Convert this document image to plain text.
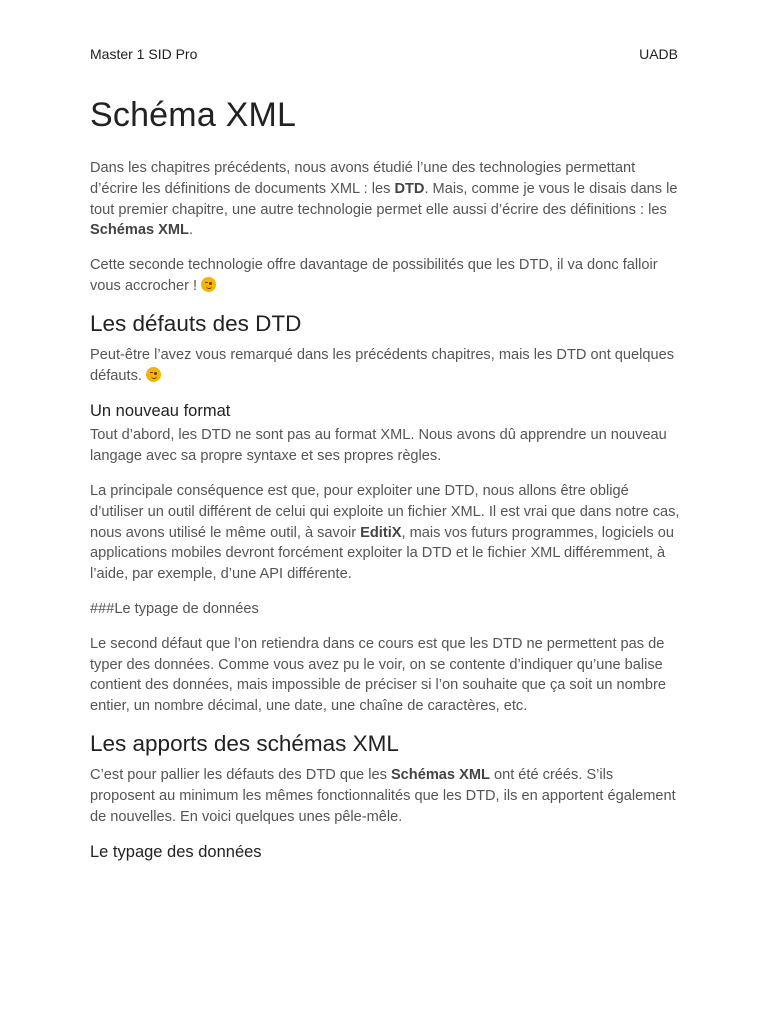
Master 1 SID Pro	UADB
Schéma XML

Dans les chapitres précédents, nous avons étudié l’une des technologies permettant d’écrire les définitions de documents XML : les DTD. Mais, comme je vous le disais dans le tout premier chapitre, une autre technologie permet elle aussi d’écrire des définitions : les Schémas XML.

Cette seconde technologie offre davantage de possibilités que les DTD, il va donc falloir vous accrocher !

Les défauts des DTD

Peut-être l’avez vous remarqué dans les précédents chapitres, mais les DTD ont quelques défauts.

Un nouveau format

Tout d’abord, les DTD ne sont pas au format XML. Nous avons dû apprendre un nouveau langage avec sa propre syntaxe et ses propres règles.

La principale conséquence est que, pour exploiter une DTD, nous allons être obligé d’utiliser un outil différent de celui qui exploite un fichier XML. Il est vrai que dans notre cas, nous avons utilisé le même outil, à savoir EditiX, mais vos futurs programmes, logiciels ou applications mobiles devront forcément exploiter la DTD et le fichier XML différemment, à l’aide, par exemple, d’une API différente.

###Le typage de données

Le second défaut que l’on retiendra dans ce cours est que les DTD ne permettent pas de typer des données. Comme vous avez pu le voir, on se contente d’indiquer qu’une balise contient des données, mais impossible de préciser si l’on souhaite que ça soit un nombre entier, un nombre décimal, une date, une chaîne de caractères, etc.

Les apports des schémas XML

C’est pour pallier les défauts des DTD que les Schémas XML ont été créés. S’ils proposent au minimum les mêmes fonctionnalités que les DTD, ils en apportent également de nouvelles. En voici quelques unes pêle-mêle.

Le typage des données
